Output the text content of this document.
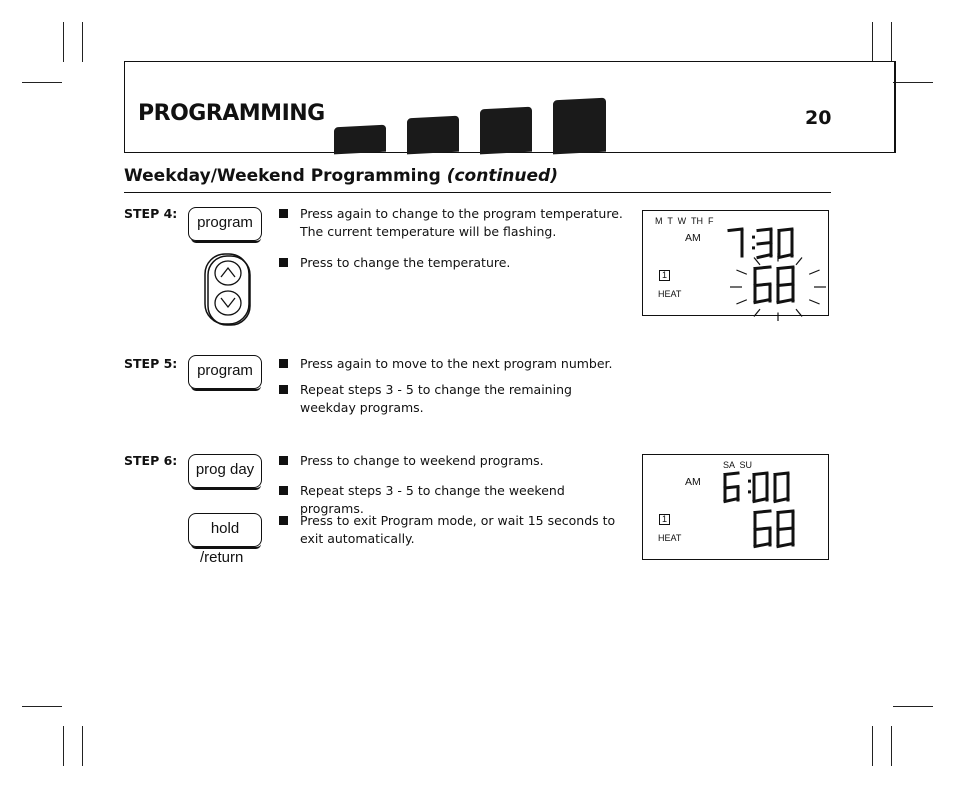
PROGRAMMING	20
Weekday/Weekend Programming (continued)
STEP 4:
program
Press again to change to the program temperature. The current temperature will be flashing.
Press to change the temperature.
M  T  W  TH  F
AM
1
HEAT
STEP 5:	program	Press again to move to the next program number.
Repeat steps 3 - 5 to change the remaining weekday programs.
STEP 6:
prog day
hold
/return
Press to change to weekend programs.
Repeat steps 3 - 5 to change the weekend programs.
Press to exit Program mode, or wait 15 seconds to exit automatically.
SA  SU
AM
1
HEAT
